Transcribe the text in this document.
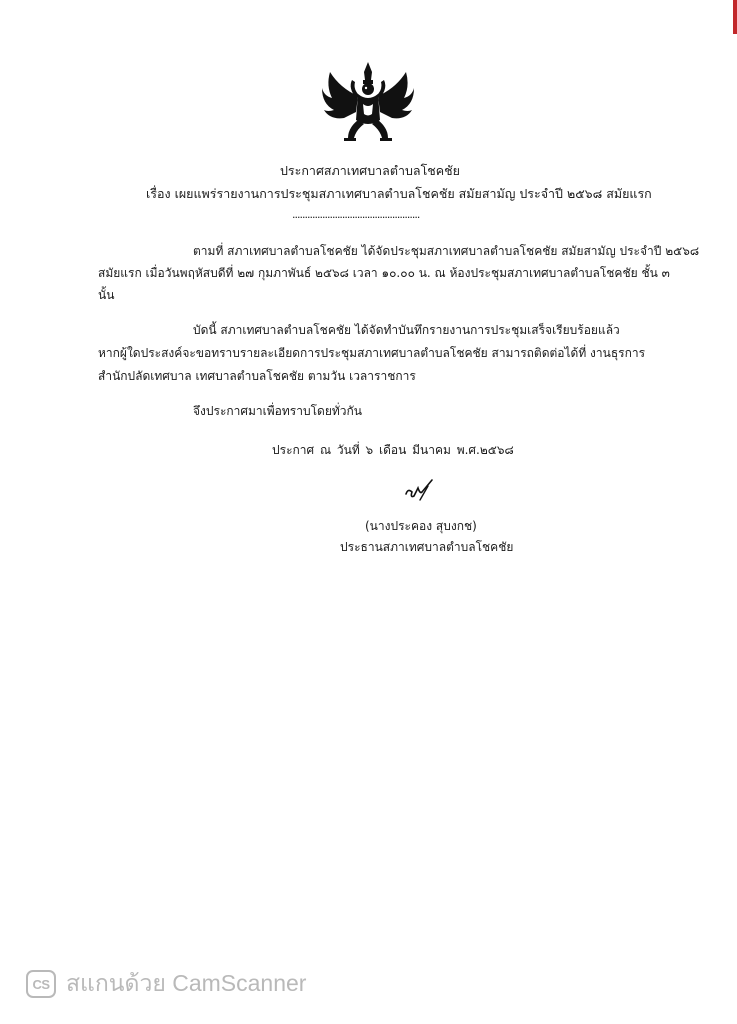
ประกาศสภาเทศบาลตำบลโชคชัย
เรื่อง เผยแพร่รายงานการประชุมสภาเทศบาลตำบลโชคชัย สมัยสามัญ ประจำปี ๒๕๖๘ สมัยแรก
...................................................
ตามที่ สภาเทศบาลตำบลโชคชัย ได้จัดประชุมสภาเทศบาลตำบลโชคชัย สมัยสามัญ ประจำปี ๒๕๖๘
สมัยแรก เมื่อวันพฤหัสบดีที่ ๒๗ กุมภาพันธ์ ๒๕๖๘ เวลา ๑๐.๐๐ น. ณ ห้องประชุมสภาเทศบาลตำบลโชคชัย ชั้น ๓
นั้น
บัดนี้ สภาเทศบาลตำบลโชคชัย ได้จัดทำบันทึกรายงานการประชุมเสร็จเรียบร้อยแล้ว
หากผู้ใดประสงค์จะขอทราบรายละเอียดการประชุมสภาเทศบาลตำบลโชคชัย สามารถติดต่อได้ที่ งานธุรการ
สำนักปลัดเทศบาล เทศบาลตำบลโชคชัย ตามวัน เวลาราชการ
จึงประกาศมาเพื่อทราบโดยทั่วกัน
ประกาศ ณ วันที่ ๖ เดือน มีนาคม พ.ศ.๒๕๖๘
(นางประคอง สุบงกช)
ประธานสภาเทศบาลตำบลโชคชัย
CS สแกนด้วย CamScanner
